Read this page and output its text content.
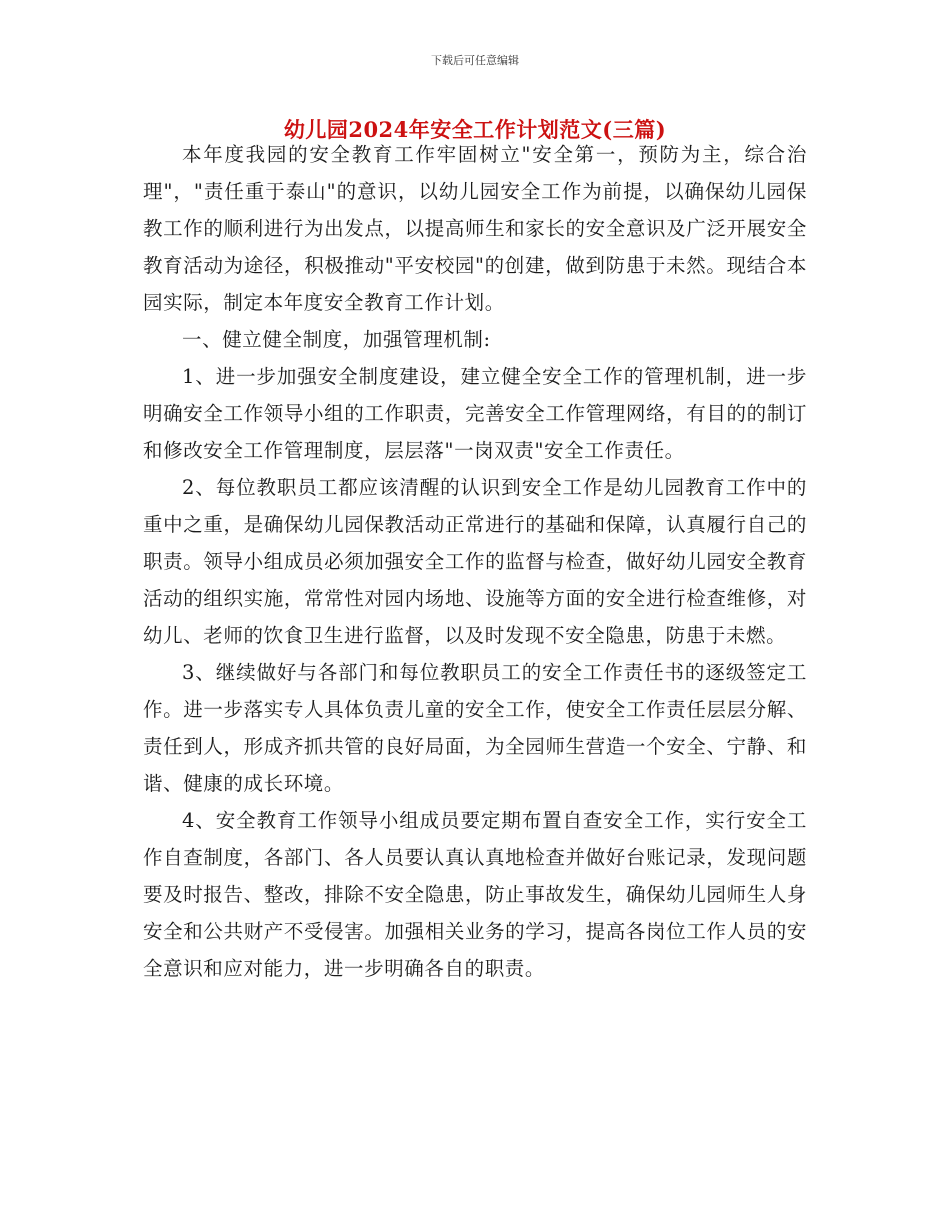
下载后可任意编辑
幼儿园2024年安全工作计划范文(三篇)

本年度我园的安全教育工作牢固树立"安全第一，预防为主，综合治理"，"责任重于泰山"的意识，以幼儿园安全工作为前提，以确保幼儿园保教工作的顺利进行为出发点，以提高师生和家长的安全意识及广泛开展安全教育活动为途径，积极推动"平安校园"的创建，做到防患于未然。现结合本园实际，制定本年度安全教育工作计划。

一、健立健全制度，加强管理机制:

1、进一步加强安全制度建设，建立健全安全工作的管理机制，进一步明确安全工作领导小组的工作职责，完善安全工作管理网络，有目的的制订和修改安全工作管理制度，层层落"一岗双责"安全工作责任。

2、每位教职员工都应该清醒的认识到安全工作是幼儿园教育工作中的重中之重，是确保幼儿园保教活动正常进行的基础和保障，认真履行自己的职责。领导小组成员必须加强安全工作的监督与检查，做好幼儿园安全教育活动的组织实施，常常性对园内场地、设施等方面的安全进行检查维修，对幼儿、老师的饮食卫生进行监督，以及时发现不安全隐患，防患于未燃。

3、继续做好与各部门和每位教职员工的安全工作责任书的逐级签定工作。进一步落实专人具体负责儿童的安全工作，使安全工作责任层层分解、责任到人，形成齐抓共管的良好局面，为全园师生营造一个安全、宁静、和谐、健康的成长环境。

4、安全教育工作领导小组成员要定期布置自查安全工作，实行安全工作自查制度，各部门、各人员要认真认真地检查并做好台账记录，发现问题要及时报告、整改，排除不安全隐患，防止事故发生，确保幼儿园师生人身安全和公共财产不受侵害。加强相关业务的学习，提高各岗位工作人员的安全意识和应对能力，进一步明确各自的职责。
